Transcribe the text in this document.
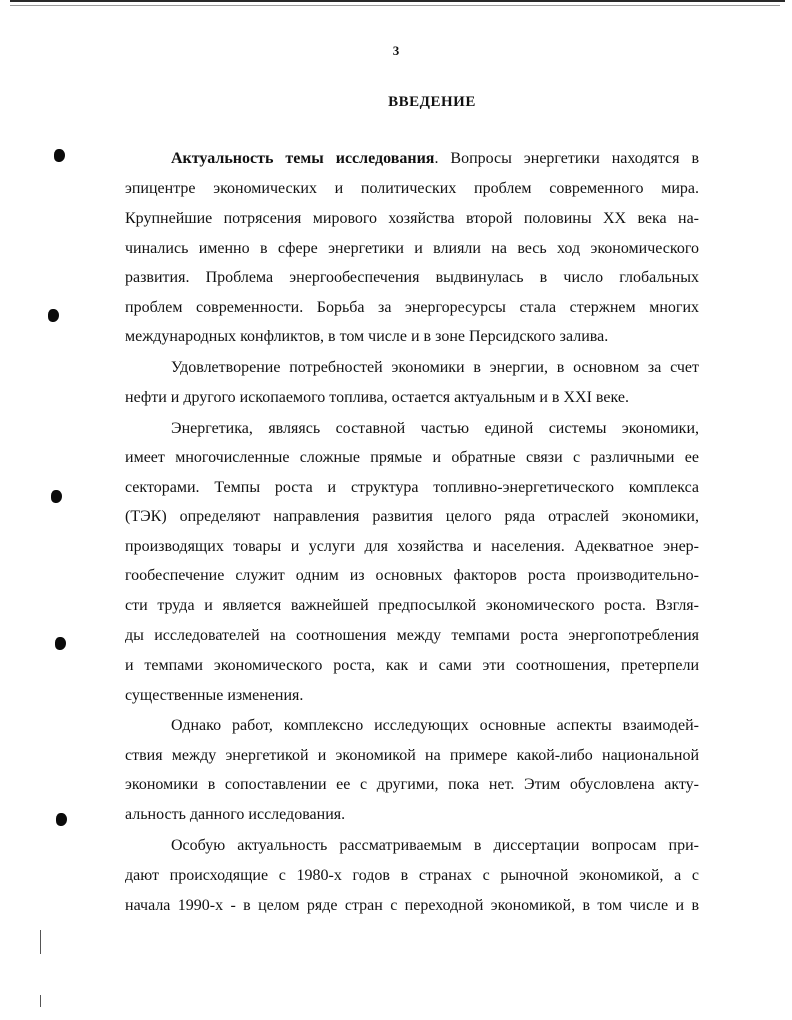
3
ВВЕДЕНИЕ
Актуальность темы исследования. Вопросы энергетики находятся в
эпицентре экономических и политических проблем современного мира.
Крупнейшие потрясения мирового хозяйства второй половины XX века на-
чинались именно в сфере энергетики и влияли на весь ход экономического
развития. Проблема энергообеспечения выдвинулась в число глобальных
проблем современности. Борьба за энергоресурсы стала стержнем многих
международных конфликтов, в том числе и в зоне Персидского залива.
Удовлетворение потребностей экономики в энергии, в основном за счет
нефти и другого ископаемого топлива, остается актуальным и в XXI веке.
Энергетика, являясь составной частью единой системы экономики,
имеет многочисленные сложные прямые и обратные связи с различными ее
секторами. Темпы роста и структура топливно-энергетического комплекса
(ТЭК) определяют направления развития целого ряда отраслей экономики,
производящих товары и услуги для хозяйства и населения. Адекватное энер-
гообеспечение служит одним из основных факторов роста производительно-
сти труда и является важнейшей предпосылкой экономического роста. Взгля-
ды исследователей на соотношения между темпами роста энергопотребления
и темпами экономического роста, как и сами эти соотношения, претерпели
существенные изменения.
Однако работ, комплексно исследующих основные аспекты взаимодей-
ствия между энергетикой и экономикой на примере какой-либо национальной
экономики в сопоставлении ее с другими, пока нет. Этим обусловлена акту-
альность данного исследования.
Особую актуальность рассматриваемым в диссертации вопросам при-
дают происходящие с 1980-х годов в странах с рыночной экономикой, а с
начала 1990-х - в целом ряде стран с переходной экономикой, в том числе и в
